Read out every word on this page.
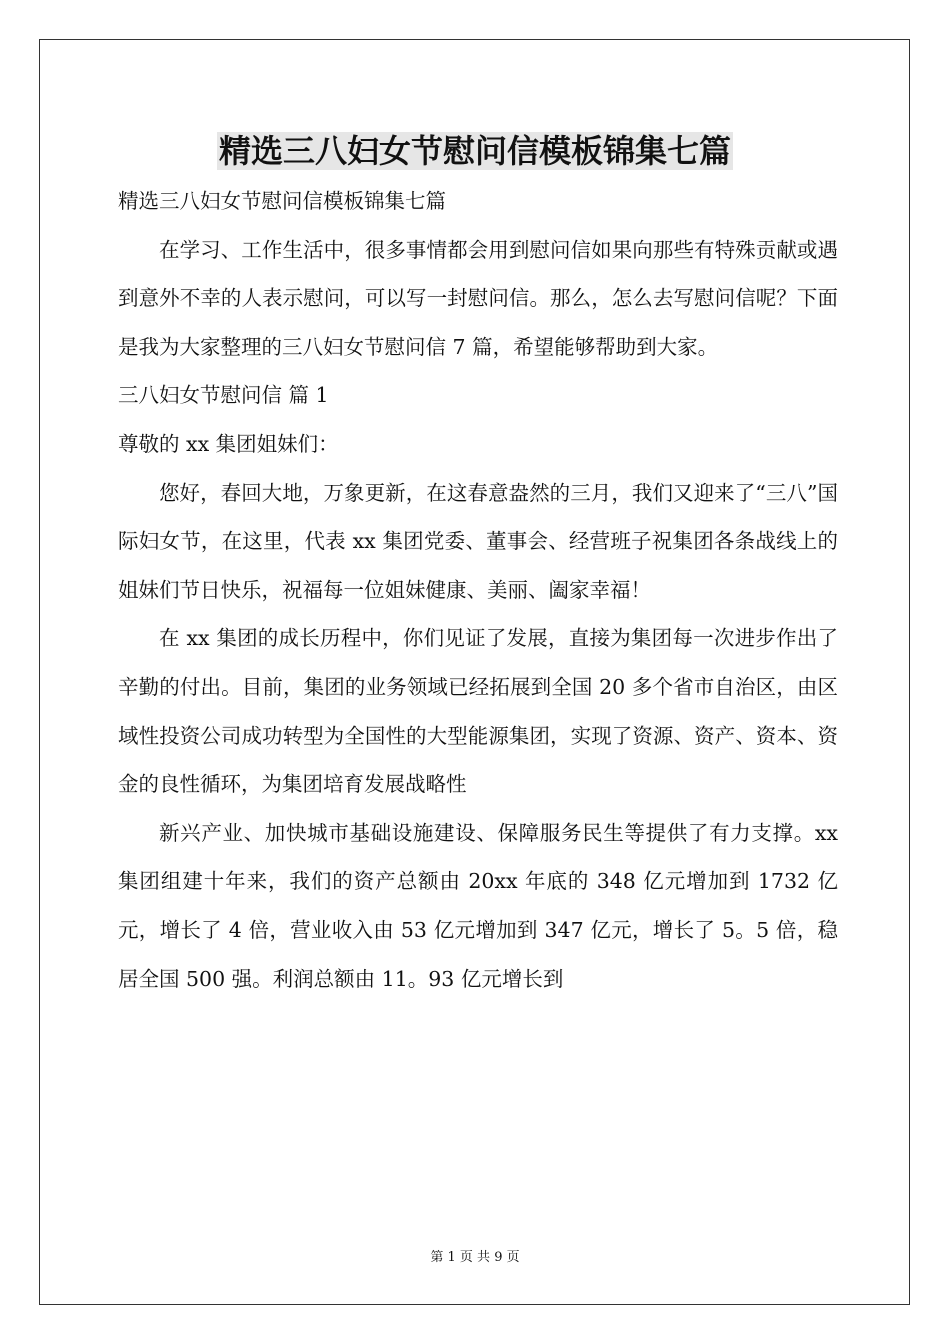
精选三八妇女节慰问信模板锦集七篇

精选三八妇女节慰问信模板锦集七篇

在学习、工作生活中，很多事情都会用到慰问信如果向那些有特殊贡献或遇到意外不幸的人表示慰问，可以写一封慰问信。那么，怎么去写慰问信呢？下面是我为大家整理的三八妇女节慰问信 7 篇，希望能够帮助到大家。

三八妇女节慰问信 篇 1

尊敬的 xx 集团姐妹们：

您好，春回大地，万象更新，在这春意盎然的三月，我们又迎来了“三八”国际妇女节，在这里，代表 xx 集团党委、董事会、经营班子祝集团各条战线上的姐妹们节日快乐，祝福每一位姐妹健康、美丽、阖家幸福！

在 xx 集团的成长历程中，你们见证了发展，直接为集团每一次进步作出了辛勤的付出。目前，集团的业务领域已经拓展到全国 20 多个省市自治区，由区域性投资公司成功转型为全国性的大型能源集团，实现了资源、资产、资本、资金的良性循环，为集团培育发展战略性

新兴产业、加快城市基础设施建设、保障服务民生等提供了有力支撑。xx 集团组建十年来，我们的资产总额由 20xx 年底的 348 亿元增加到 1732 亿元，增长了 4 倍，营业收入由 53 亿元增加到 347 亿元，增长了 5。5 倍，稳居全国 500 强。利润总额由 11。93 亿元增长到

第 1 页 共 9 页
